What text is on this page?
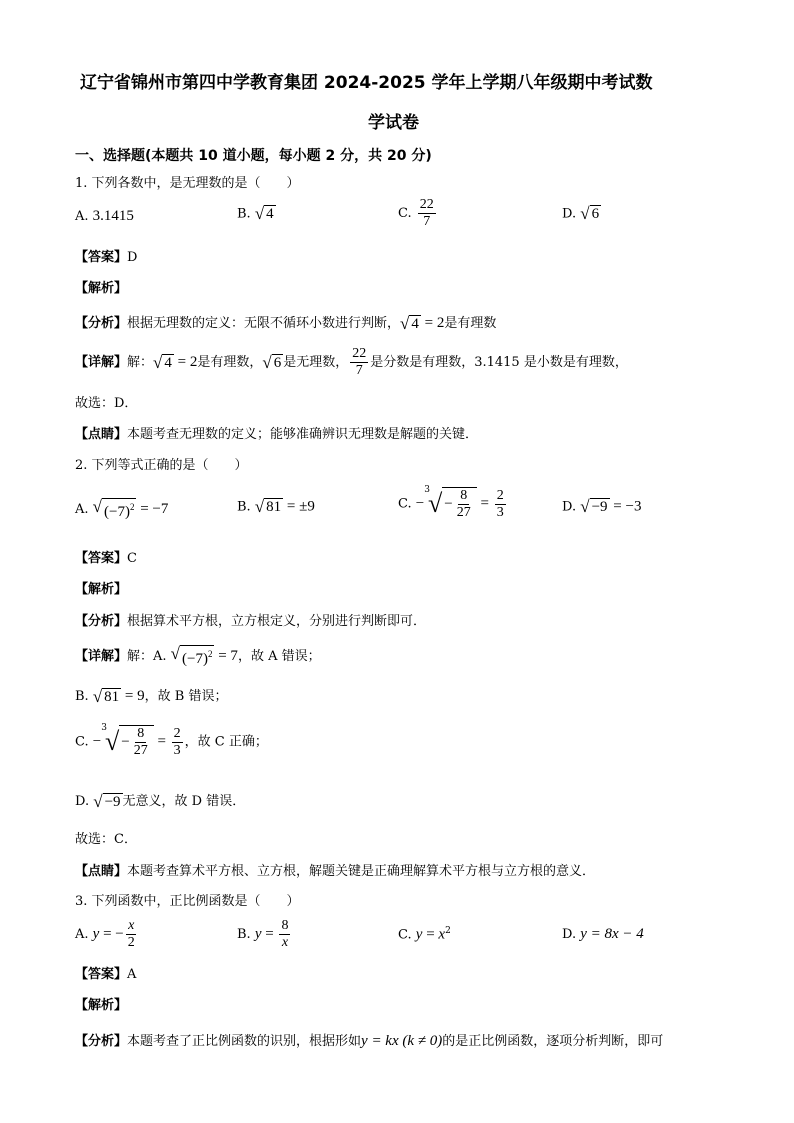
辽宁省锦州市第四中学教育集团 2024-2025 学年上学期八年级期中考试数
学试卷
一、选择题(本题共 10 道小题，每小题 2 分，共 20 分)
1. 下列各数中，是无理数的是（　　）
A. 3.1415	B. √ 4	C. $\frac{22}{7}$	D. √ 6
【答案】D
【解析】
【分析】根据无理数的定义：无限不循环小数进行判断， √ 4 = 2是有理数
【详解】解： √ 4 = 2是有理数， √ 6 是无理数， $\frac{22}{7}$ 是分数是有理数，3.1415 是小数是有理数，
故选：D．
【点睛】本题考查无理数的定义；能够准确辨识无理数是解题的关键．
2. 下列等式正确的是（　　）
A. √ $(-7)^2 = -7$	B. √ 81 = ±9	C. −$^3$
√ − $\frac{8}{27} = \frac{2}{3}$	D. √ −9 = −3
【答案】C
【解析】
【分析】根据算术平方根，立方根定义，分别进行判断即可．
【详解】解：A. √ $(-7)^2 = 7$，故 A 错误；
B. √ 81 = 9，故 B 错误；
C. −$^3$
√ − $\frac{8}{27} = \frac{2}{3}$ ，故 C 正确；
D. √ −9 无意义，故 D 错误．
故选：C．
【点睛】本题考查算术平方根、立方根，解题关键是正确理解算术平方根与立方根的意义．
3. 下列函数中，正比例函数是（　　）
A. y = − $\frac{x}{2}$	B. $y = \frac{8}{x}$	C. $y = x^2$	D. y = 8x − 4
【答案】A
【解析】
【分析】本题考查了正比例函数的识别，根据形如y = kx (k ≠ 0)的是正比例函数，逐项分析判断，即可
